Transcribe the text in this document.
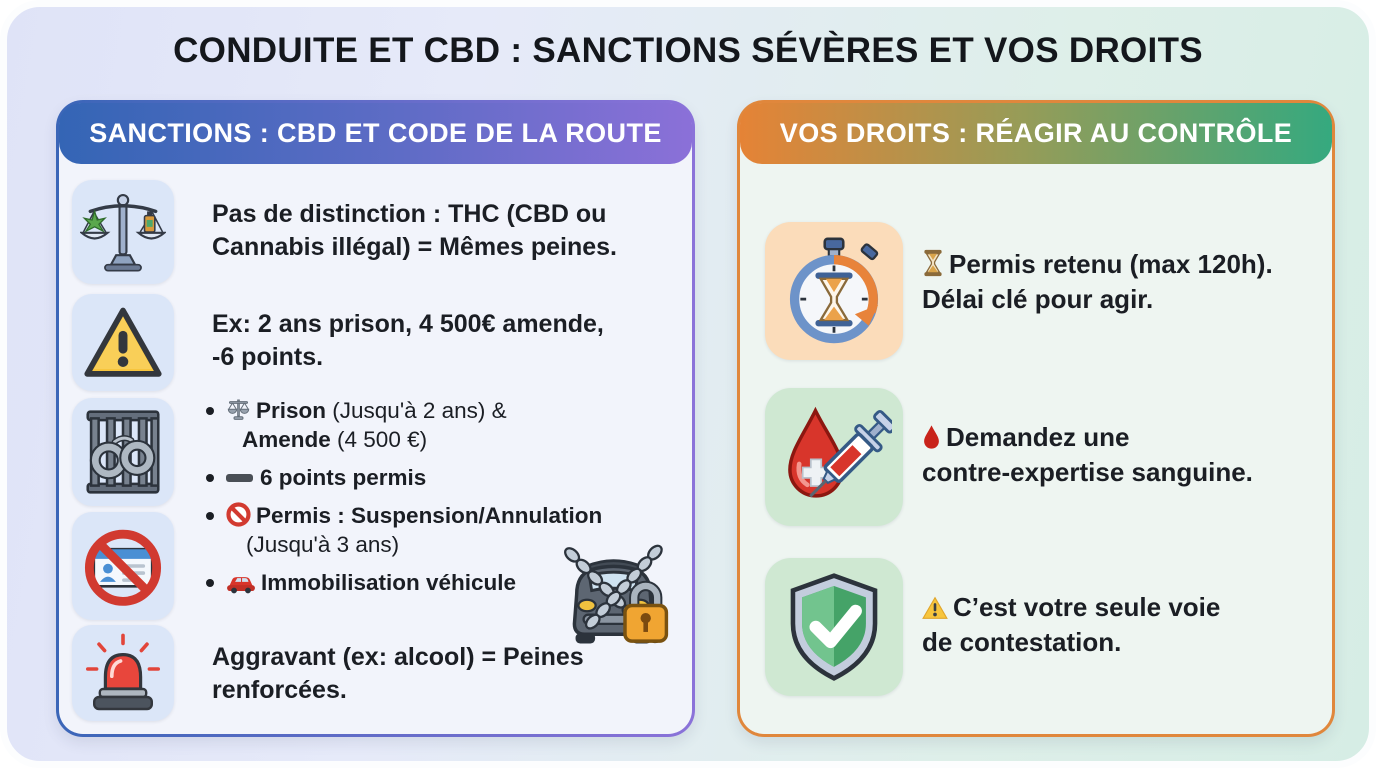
CONDUITE ET CBD : SANCTIONS SÉVÈRES ET VOS DROITS
SANCTIONS : CBD ET CODE DE LA ROUTE
Pas de distinction : THC (CBD ou
Cannabis illégal) = Mêmes peines.
Ex: 2 ans prison, 4 500€ amende,
-6 points.
Prison (Jusqu'à 2 ans) &
Amende (4 500 €)
6 points permis
Permis : Suspension/Annulation
(Jusqu'à 3 ans)
Immobilisation véhicule
Aggravant (ex: alcool) = Peines
renforcées.
VOS DROITS : RÉAGIR AU CONTRÔLE
Permis retenu (max 120h).
Délai clé pour agir.
Demandez une
contre-expertise sanguine.
C’est votre seule voie
de contestation.
